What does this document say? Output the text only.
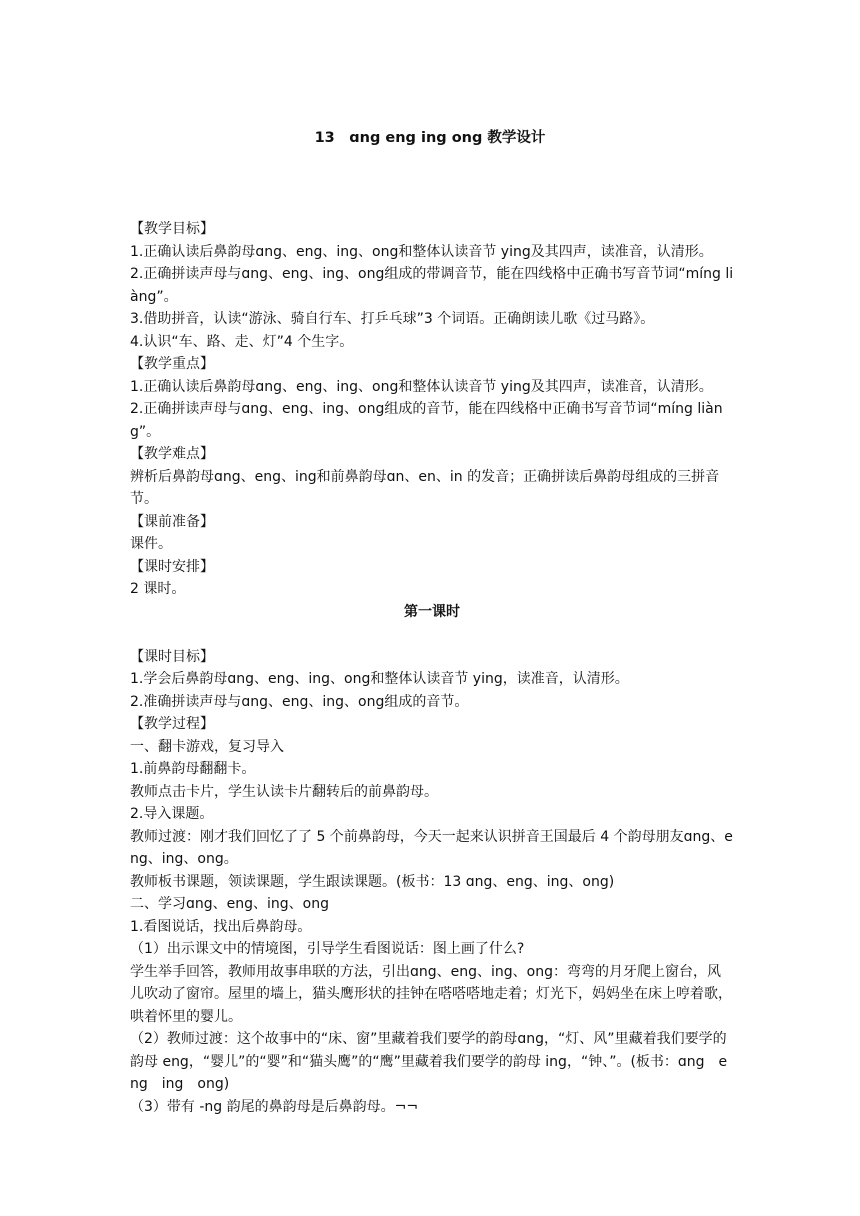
13　ɑng eng ing ong 教学设计

【教学目标】

1.正确认读后鼻韵母ɑng、eng、ing、ong和整体认读音节 ying及其四声，读准音，认清形。

2.正确拼读声母与ɑng、eng、ing、ong组成的带调音节，能在四线格中正确书写音节词“míng liàng”。

3.借助拼音，认读“游泳、骑自行车、打乒乓球”3 个词语。正确朗读儿歌《过马路》。

4.认识“车、路、走、灯”4 个生字。

【教学重点】

1.正确认读后鼻韵母ɑng、eng、ing、ong和整体认读音节 ying及其四声，读准音，认清形。

2.正确拼读声母与ɑng、eng、ing、ong组成的音节，能在四线格中正确书写音节词“míng liàng”。

【教学难点】

辨析后鼻韵母ɑng、eng、ing和前鼻韵母ɑn、en、in 的发音；正确拼读后鼻韵母组成的三拼音节。

【课前准备】

课件。

【课时安排】

2 课时。

第一课时

【课时目标】

1.学会后鼻韵母ɑng、eng、ing、ong和整体认读音节 ying，读准音，认清形。

2.准确拼读声母与ɑng、eng、ing、ong组成的音节。

【教学过程】

一、翻卡游戏，复习导入

1.前鼻韵母翻翻卡。

教师点击卡片，学生认读卡片翻转后的前鼻韵母。

2.导入课题。

教师过渡：刚才我们回忆了了 5 个前鼻韵母，今天一起来认识拼音王国最后 4 个韵母朋友ɑng、eng、ing、ong。

教师板书课题，领读课题，学生跟读课题。(板书：13 ɑng、eng、ing、ong)

二、学习ɑng、eng、ing、ong

1.看图说话，找出后鼻韵母。

（1）出示课文中的情境图，引导学生看图说话：图上画了什么?

学生举手回答，教师用故事串联的方法，引出ɑng、eng、ing、ong：弯弯的月牙爬上窗台，风儿吹动了窗帘。屋里的墙上，猫头鹰形状的挂钟在嗒嗒嗒地走着；灯光下，妈妈坐在床上哼着歌，哄着怀里的婴儿。

（2）教师过渡：这个故事中的“床、窗”里藏着我们要学的韵母ɑng，“灯、风”里藏着我们要学的韵母 eng，“婴儿”的“婴”和“猫头鹰”的“鹰”里藏着我们要学的韵母 ing，“钟、”。(板书：ɑng　eng　ing　ong)

（3）带有 -ng 韵尾的鼻韵母是后鼻韵母。¬¬
